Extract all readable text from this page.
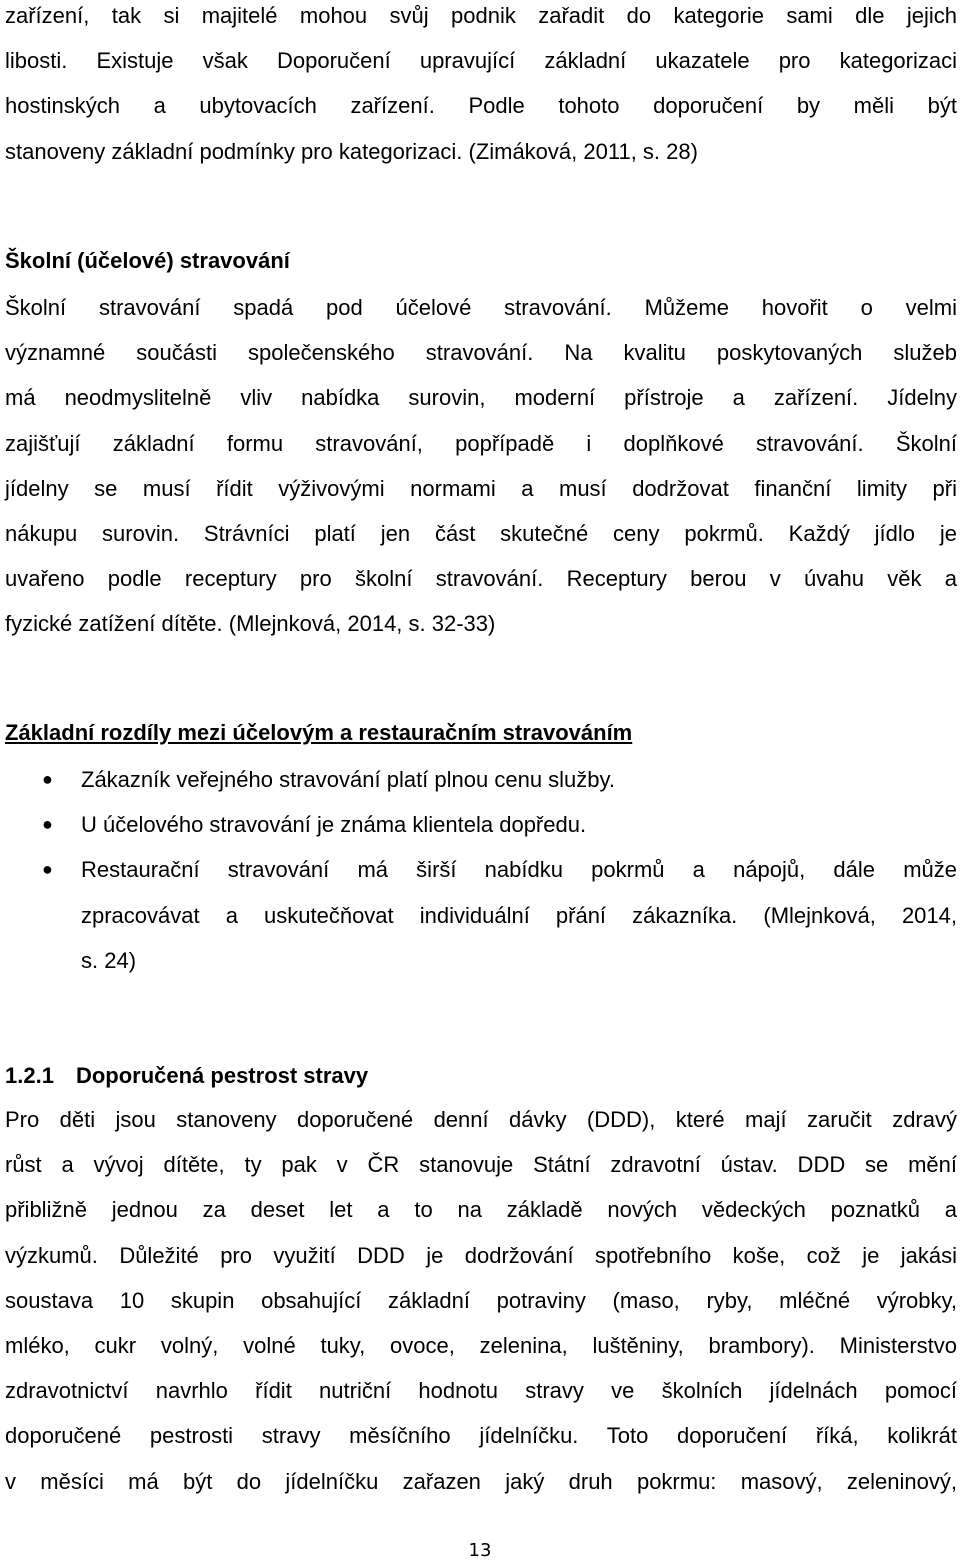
zařízení, tak si majitelé mohou svůj podnik zařadit do kategorie sami dle jejich
libosti. Existuje však Doporučení upravující základní ukazatele pro kategorizaci
hostinských a ubytovacích zařízení. Podle tohoto doporučení by měli být
stanoveny základní podmínky pro kategorizaci. (Zimáková, 2011, s. 28)
Školní (účelové) stravování
Školní stravování spadá pod účelové stravování. Můžeme hovořit o velmi
významné součásti společenského stravování. Na kvalitu poskytovaných služeb
má neodmyslitelně vliv nabídka surovin, moderní přístroje a zařízení. Jídelny
zajišťují základní formu stravování, popřípadě i doplňkové stravování. Školní
jídelny se musí řídit výživovými normami a musí dodržovat finanční limity při
nákupu surovin. Strávníci platí jen část skutečné ceny pokrmů. Každý jídlo je
uvařeno podle receptury pro školní stravování. Receptury berou v úvahu věk a
fyzické zatížení dítěte. (Mlejnková, 2014, s. 32-33)
Základní rozdíly mezi účelovým a restauračním stravováním
● Zákazník veřejného stravování platí plnou cenu služby.
● U účelového stravování je známa klientela dopředu.
● Restaurační stravování má širší nabídku pokrmů a nápojů, dále může
zpracovávat a uskutečňovat individuální přání zákazníka. (Mlejnková, 2014,
s. 24)
1.2.1 Doporučená pestrost stravy
Pro děti jsou stanoveny doporučené denní dávky (DDD), které mají zaručit zdravý
růst a vývoj dítěte, ty pak v ČR stanovuje Státní zdravotní ústav. DDD se mění
přibližně jednou za deset let a to na základě nových vědeckých poznatků a
výzkumů. Důležité pro využití DDD je dodržování spotřebního koše, což je jakási
soustava 10 skupin obsahující základní potraviny (maso, ryby, mléčné výrobky,
mléko, cukr volný, volné tuky, ovoce, zelenina, luštěniny, brambory). Ministerstvo
zdravotnictví navrhlo řídit nutriční hodnotu stravy ve školních jídelnách pomocí
doporučené pestrosti stravy měsíčního jídelníčku. Toto doporučení říká, kolikrát
v měsíci má být do jídelníčku zařazen jaký druh pokrmu: masový, zeleninový,
13
